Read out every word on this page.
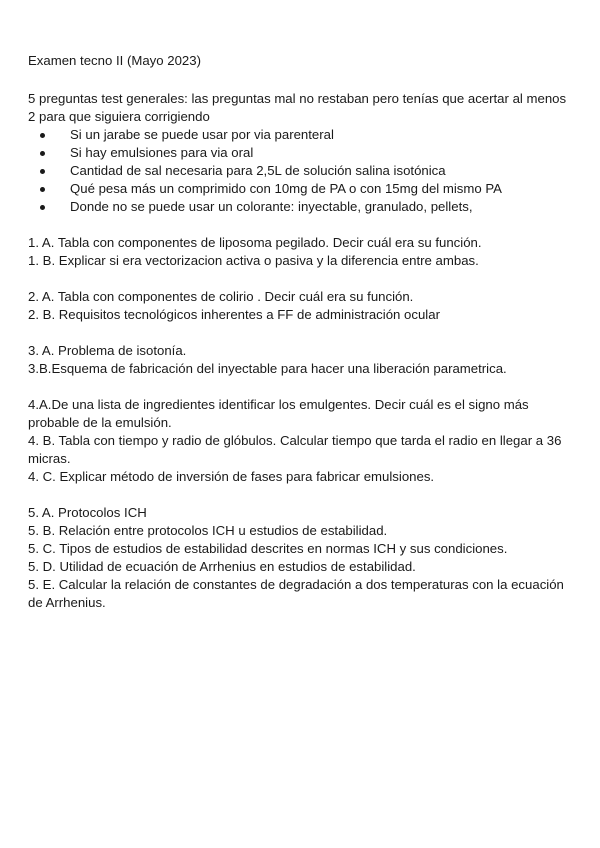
Examen tecno II (Mayo 2023)

5 preguntas test generales: las preguntas mal no restaban pero tenías que acertar al menos 2 para que siguiera corrigiendo

Si un jarabe se puede usar por via parenteral
Si hay emulsiones para via oral
Cantidad de sal necesaria para 2,5L de solución salina isotónica
Qué pesa más un comprimido con 10mg de PA o con 15mg del mismo PA
Donde no se puede usar un colorante: inyectable, granulado, pellets,

1. A. Tabla con componentes de liposoma pegilado. Decir cuál era su función.

1. B. Explicar si era vectorizacion activa o pasiva y la diferencia entre ambas.

2. A. Tabla con componentes de colirio . Decir cuál era su función.

2. B. Requisitos tecnológicos inherentes a FF de administración ocular

3. A. Problema de isotonía.

3.B.Esquema de fabricación del inyectable para hacer una liberación parametrica.

4.A.De una lista de ingredientes identificar los emulgentes. Decir cuál es el signo más probable de la emulsión.

4. B. Tabla con tiempo y radio de glóbulos. Calcular tiempo que tarda el radio en llegar a 36 micras.

4. C. Explicar método de inversión de fases para fabricar emulsiones.

5. A. Protocolos ICH

5. B. Relación entre protocolos ICH u estudios de estabilidad.

5. C. Tipos de estudios de estabilidad descrites en normas ICH y sus condiciones.

5. D. Utilidad de ecuación de Arrhenius en estudios de estabilidad.

5. E. Calcular la relación de constantes de degradación a dos temperaturas con la ecuación de Arrhenius.
